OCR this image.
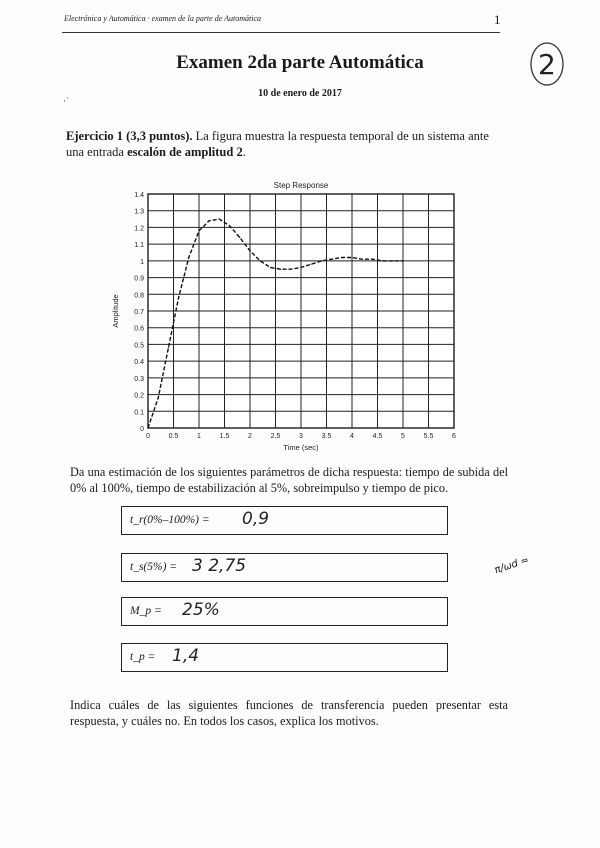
Electrónica y Automática · examen de la parte de Automática	1
2
Examen 2da parte Automática
10 de enero de 2017
·˙
Ejercicio 1 (3,3 puntos). La figura muestra la respuesta temporal de un sistema ante una entrada escalón de amplitud 2.
0
0.1
0.2
0.3
0.4
0.5
0.6
0.7
0.8
0.9
1
1.1
1.2
1.3
1.4
0	0.5	1	1.5	2	2.5	3	3.5	4	4.5	5	5.5	6
Step Response
Time (sec)
Amplitude
Da una estimación de los siguientes parámetros de dicha respuesta: tiempo de subida del 0% al 100%, tiempo de estabilización al 5%, sobreimpulso y tiempo de pico.
t_r(0%–100%) = 0,9
t_s(5%) = 3 2,75
M_p = 25%
t_p = 1,4
π/ωd ≈
Indica cuáles de las siguientes funciones de transferencia pueden presentar esta respuesta, y cuáles no. En todos los casos, explica los motivos.
